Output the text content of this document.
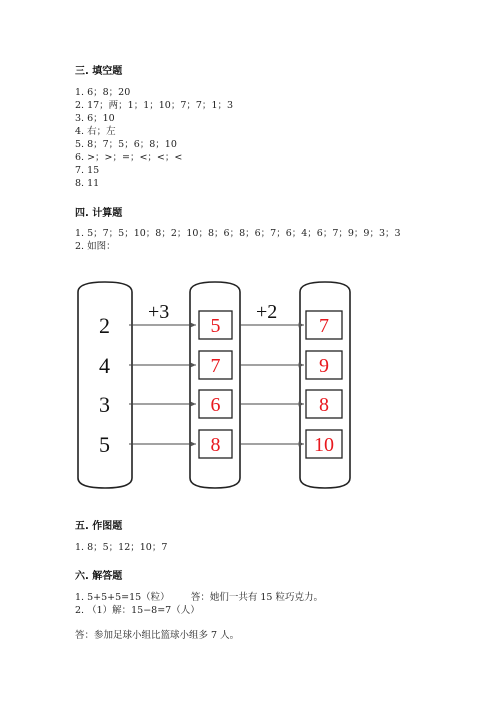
三. 填空题
1. 6；8；20
2. 17；两；1；1；10；7；7；1；3
3. 6；10
4. 右；左
5. 8；7；5；6；8；10
6. >；>；=；<；<；<
7. 15
8. 11
四. 计算题
1. 5；7；5；10；8；2；10；8；6；8；6；7；6；4；6；7；9；9；3；3
2. 如图：
+3	+2
2	5	7
4	7	9
3	6	8
5	8	10
五. 作图题
1. 8；5；12；10；7
六. 解答题
1. 5+5+5=15（粒）       答：她们一共有 15 粒巧克力。
2. （1）解：15−8=7（人）
答：参加足球小组比篮球小组多 7 人。
